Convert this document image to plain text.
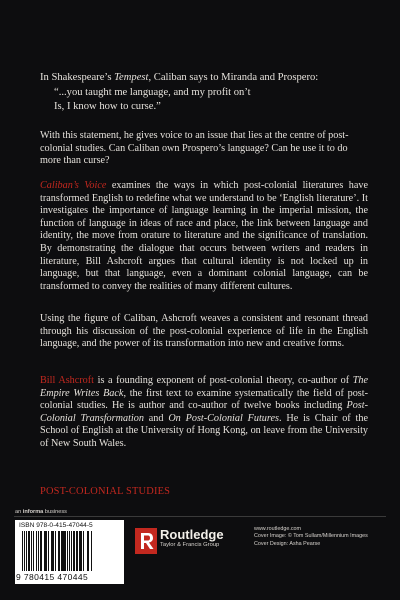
In Shakespeare’s Tempest, Caliban says to Miranda and Prospero:

“...you taught me language, and my profit on’t
Is, I know how to curse.”

With this statement, he gives voice to an issue that lies at the centre of post-colonial studies. Can Caliban own Prospero’s language? Can he use it to do more than curse?

Caliban’s Voice examines the ways in which post-colonial literatures have transformed English to redefine what we understand to be ‘English literature’. It investigates the importance of language learning in the imperial mission, the function of language in ideas of race and place, the link between language and identity, the move from orature to literature and the significance of translation. By demonstrating the dialogue that occurs between writers and readers in literature, Bill Ashcroft argues that cultural identity is not locked up in language, but that language, even a dominant colonial language, can be transformed to convey the realities of many different cultures.

Using the figure of Caliban, Ashcroft weaves a consistent and resonant thread through his discussion of the post-colonial experience of life in the English language, and the power of its transformation into new and creative forms.

Bill Ashcroft is a founding exponent of post-colonial theory, co-author of The Empire Writes Back, the first text to examine systematically the field of post-colonial studies. He is author and co-author of twelve books including Post-Colonial Transformation and On Post-Colonial Futures. He is Chair of the School of English at the University of Hong Kong, on leave from the University of New South Wales.

POST-COLONIAL STUDIES
an informa business
ISBN 978-0-415-47044-5
9 780415 470445
Routledge
Taylor & Francis Group
www.routledge.com
Cover Image: © Tom Sullam/Millennium Images
Cover Design: Asha Pearse
